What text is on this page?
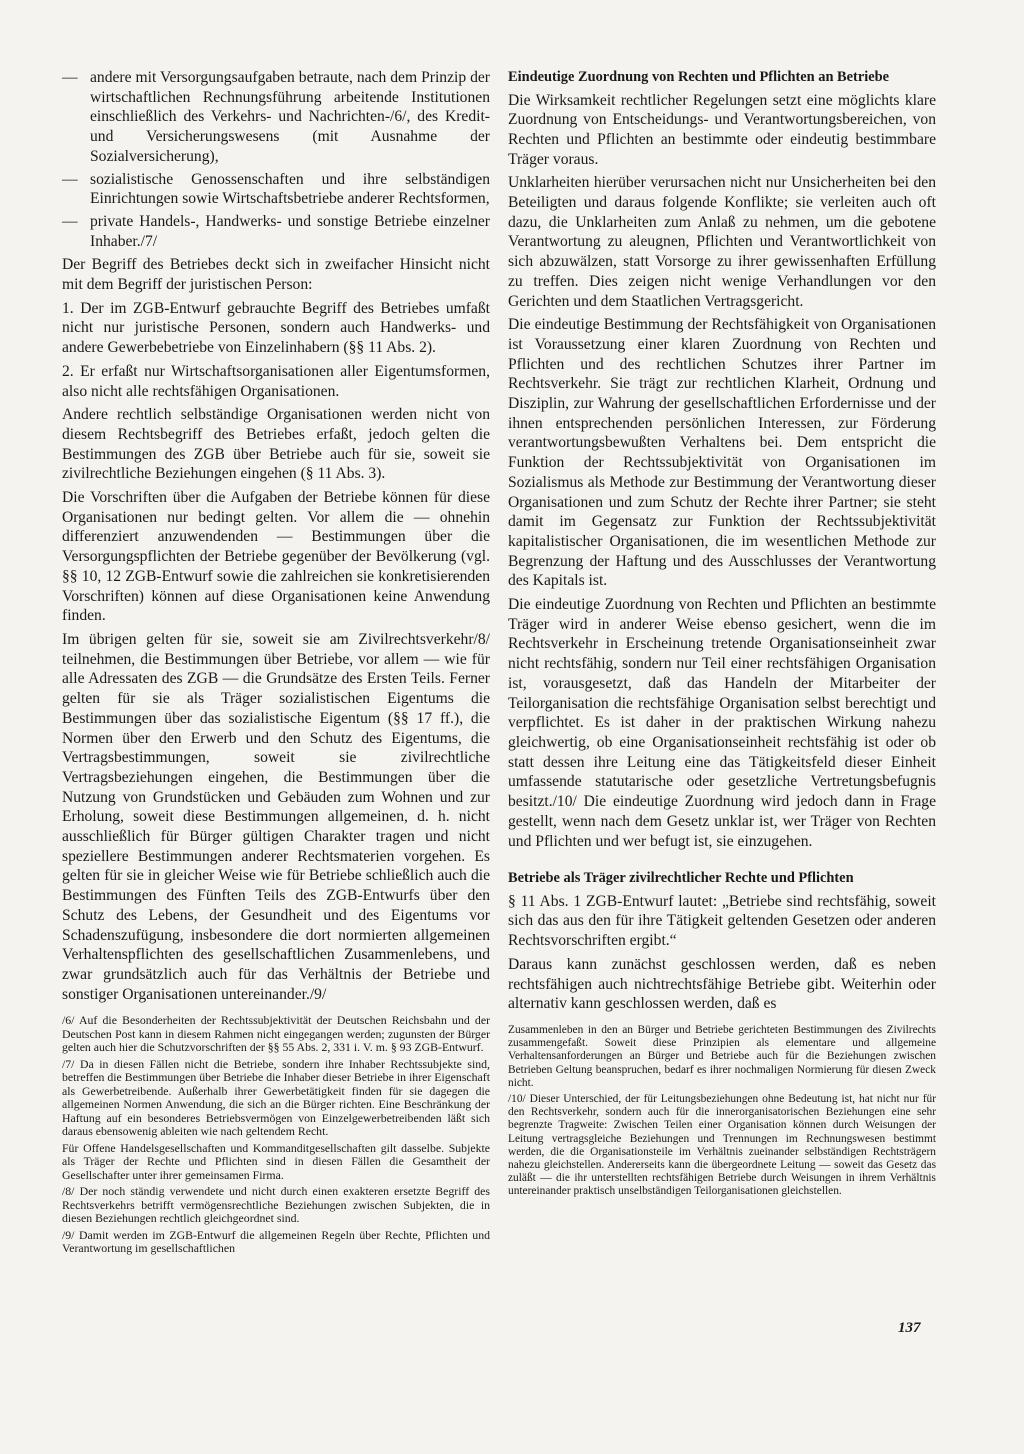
— andere mit Versorgungsaufgaben betraute, nach dem Prinzip der wirtschaftlichen Rechnungsführung arbeitende Institutionen einschließlich des Verkehrs- und Nachrichten-/6/, des Kredit- und Versicherungswesens (mit Ausnahme der Sozialversicherung),
— sozialistische Genossenschaften und ihre selbständigen Einrichtungen sowie Wirtschaftsbetriebe anderer Rechtsformen,
— private Handels-, Handwerks- und sonstige Betriebe einzelner Inhaber./7/

Der Begriff des Betriebes deckt sich in zweifacher Hinsicht nicht mit dem Begriff der juristischen Person:

1. Der im ZGB-Entwurf gebrauchte Begriff des Betriebes umfaßt nicht nur juristische Personen, sondern auch Handwerks- und andere Gewerbebetriebe von Einzelinhabern (§§ 11 Abs. 2).

2. Er erfaßt nur Wirtschaftsorganisationen aller Eigentumsformen, also nicht alle rechtsfähigen Organisationen.

Andere rechtlich selbständige Organisationen werden nicht von diesem Rechtsbegriff des Betriebes erfaßt, jedoch gelten die Bestimmungen des ZGB über Betriebe auch für sie, soweit sie zivilrechtliche Beziehungen eingehen (§ 11 Abs. 3).

Die Vorschriften über die Aufgaben der Betriebe können für diese Organisationen nur bedingt gelten. Vor allem die — ohnehin differenziert anzuwendenden — Bestimmungen über die Versorgungspflichten der Betriebe gegenüber der Bevölkerung (vgl. §§ 10, 12 ZGB-Entwurf sowie die zahlreichen sie konkretisierenden Vorschriften) können auf diese Organisationen keine Anwendung finden.

Im übrigen gelten für sie, soweit sie am Zivilrechtsverkehr/8/ teilnehmen, die Bestimmungen über Betriebe, vor allem — wie für alle Adressaten des ZGB — die Grundsätze des Ersten Teils. Ferner gelten für sie als Träger sozialistischen Eigentums die Bestimmungen über das sozialistische Eigentum (§§ 17 ff.), die Normen über den Erwerb und den Schutz des Eigentums, die Vertragsbestimmungen, soweit sie zivilrechtliche Vertragsbeziehungen eingehen, die Bestimmungen über die Nutzung von Grundstücken und Gebäuden zum Wohnen und zur Erholung, soweit diese Bestimmungen allgemeinen, d. h. nicht ausschließlich für Bürger gültigen Charakter tragen und nicht speziellere Bestimmungen anderer Rechtsmaterien vorgehen. Es gelten für sie in gleicher Weise wie für Betriebe schließlich auch die Bestimmungen des Fünften Teils des ZGB-Entwurfs über den Schutz des Lebens, der Gesundheit und des Eigentums vor Schadenszufügung, insbesondere die dort normierten allgemeinen Verhaltenspflichten des gesellschaftlichen Zusammenlebens, und zwar grundsätzlich auch für das Verhältnis der Betriebe und sonstiger Organisationen untereinander./9/

/6/ Auf die Besonderheiten der Rechtssubjektivität der Deutschen Reichsbahn und der Deutschen Post kann in diesem Rahmen nicht eingegangen werden; zugunsten der Bürger gelten auch hier die Schutzvorschriften der §§ 55 Abs. 2, 331 i. V. m. § 93 ZGB-Entwurf.

/7/ Da in diesen Fällen nicht die Betriebe, sondern ihre Inhaber Rechtssubjekte sind, betreffen die Bestimmungen über Betriebe die Inhaber dieser Betriebe in ihrer Eigenschaft als Gewerbetreibende. Außerhalb ihrer Gewerbetätigkeit finden für sie dagegen die allgemeinen Normen Anwendung, die sich an die Bürger richten. Eine Beschränkung der Haftung auf ein besonderes Betriebsvermögen von Einzelgewerbetreibenden läßt sich daraus ebensowenig ableiten wie nach geltendem Recht.

Für Offene Handelsgesellschaften und Kommanditgesellschaften gilt dasselbe. Subjekte als Träger der Rechte und Pflichten sind in diesen Fällen die Gesamtheit der Gesellschafter unter ihrer gemeinsamen Firma.

/8/ Der noch ständig verwendete und nicht durch einen exakteren ersetzte Begriff des Rechtsverkehrs betrifft vermögensrechtliche Beziehungen zwischen Subjekten, die in diesen Beziehungen rechtlich gleichgeordnet sind.

/9/ Damit werden im ZGB-Entwurf die allgemeinen Regeln über Rechte, Pflichten und Verantwortung im gesellschaftlichen

Eindeutige Zuordnung von Rechten und Pflichten an Betriebe

Die Wirksamkeit rechtlicher Regelungen setzt eine möglichts klare Zuordnung von Entscheidungs- und Verantwortungsbereichen, von Rechten und Pflichten an bestimmte oder eindeutig bestimmbare Träger voraus.

Unklarheiten hierüber verursachen nicht nur Unsicherheiten bei den Beteiligten und daraus folgende Konflikte; sie verleiten auch oft dazu, die Unklarheiten zum Anlaß zu nehmen, um die gebotene Verantwortung zu aleugnen, Pflichten und Verantwortlichkeit von sich abzuwälzen, statt Vorsorge zu ihrer gewissenhaften Erfüllung zu treffen. Dies zeigen nicht wenige Verhandlungen vor den Gerichten und dem Staatlichen Vertragsgericht.

Die eindeutige Bestimmung der Rechtsfähigkeit von Organisationen ist Voraussetzung einer klaren Zuordnung von Rechten und Pflichten und des rechtlichen Schutzes ihrer Partner im Rechtsverkehr. Sie trägt zur rechtlichen Klarheit, Ordnung und Disziplin, zur Wahrung der gesellschaftlichen Erfordernisse und der ihnen entsprechenden persönlichen Interessen, zur Förderung verantwortungsbewußten Verhaltens bei. Dem entspricht die Funktion der Rechtssubjektivität von Organisationen im Sozialismus als Methode zur Bestimmung der Verantwortung dieser Organisationen und zum Schutz der Rechte ihrer Partner; sie steht damit im Gegensatz zur Funktion der Rechtssubjektivität kapitalistischer Organisationen, die im wesentlichen Methode zur Begrenzung der Haftung und des Ausschlusses der Verantwortung des Kapitals ist.

Die eindeutige Zuordnung von Rechten und Pflichten an bestimmte Träger wird in anderer Weise ebenso gesichert, wenn die im Rechtsverkehr in Erscheinung tretende Organisationseinheit zwar nicht rechtsfähig, sondern nur Teil einer rechtsfähigen Organisation ist, vorausgesetzt, daß das Handeln der Mitarbeiter der Teilorganisation die rechtsfähige Organisation selbst berechtigt und verpflichtet. Es ist daher in der praktischen Wirkung nahezu gleichwertig, ob eine Organisationseinheit rechtsfähig ist oder ob statt dessen ihre Leitung eine das Tätigkeitsfeld dieser Einheit umfassende statutarische oder gesetzliche Vertretungsbefugnis besitzt./10/ Die eindeutige Zuordnung wird jedoch dann in Frage gestellt, wenn nach dem Gesetz unklar ist, wer Träger von Rechten und Pflichten und wer befugt ist, sie einzugehen.

Betriebe als Träger zivilrechtlicher Rechte und Pflichten

§ 11 Abs. 1 ZGB-Entwurf lautet: „Betriebe sind rechtsfähig, soweit sich das aus den für ihre Tätigkeit geltenden Gesetzen oder anderen Rechtsvorschriften ergibt.“

Daraus kann zunächst geschlossen werden, daß es neben rechtsfähigen auch nichtrechtsfähige Betriebe gibt. Weiterhin oder alternativ kann geschlossen werden, daß es

Zusammenleben in den an Bürger und Betriebe gerichteten Bestimmungen des Zivilrechts zusammengefaßt. Soweit diese Prinzipien als elementare und allgemeine Verhaltensanforderungen an Bürger und Betriebe auch für die Beziehungen zwischen Betrieben Geltung beanspruchen, bedarf es ihrer nochmaligen Normierung für diesen Zweck nicht.

/10/ Dieser Unterschied, der für Leitungsbeziehungen ohne Bedeutung ist, hat nicht nur für den Rechtsverkehr, sondern auch für die innerorganisatorischen Beziehungen eine sehr begrenzte Tragweite: Zwischen Teilen einer Organisation können durch Weisungen der Leitung vertragsgleiche Beziehungen und Trennungen im Rechnungswesen bestimmt werden, die die Organisationsteile im Verhältnis zueinander selbständigen Rechtsträgern nahezu gleichstellen. Andererseits kann die übergeordnete Leitung — soweit das Gesetz das zuläßt — die ihr unterstellten rechtsfähigen Betriebe durch Weisungen in ihrem Verhältnis untereinander praktisch unselbständigen Teilorganisationen gleichstellen.

137
